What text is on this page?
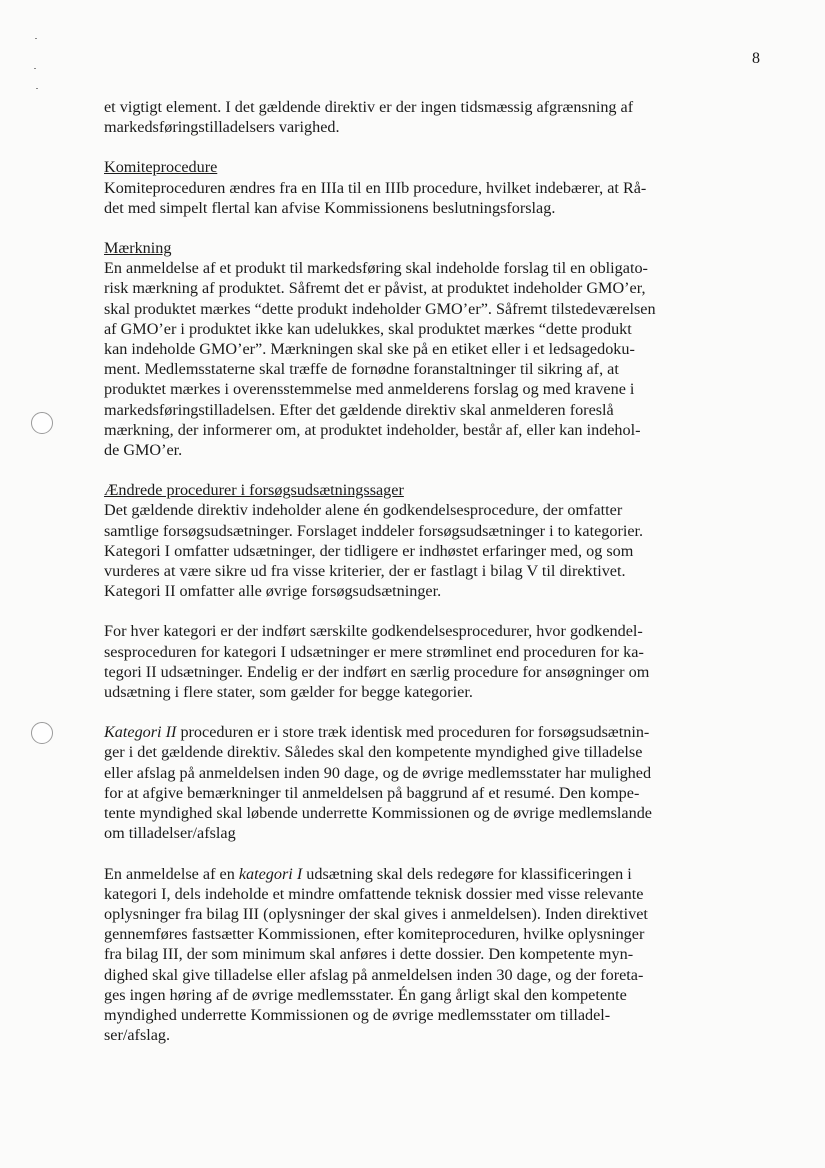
8

et vigtigt element. I det gældende direktiv er der ingen tidsmæssig afgrænsning af
markedsføringstilladelsers varighed.

Komiteprocedure
Komiteproceduren ændres fra en IIIa til en IIIb procedure, hvilket indebærer, at Rå-
det med simpelt flertal kan afvise Kommissionens beslutningsforslag.
Mærkning
En anmeldelse af et produkt til markedsføring skal indeholde forslag til en obligato-
risk mærkning af produktet. Såfremt det er påvist, at produktet indeholder GMO’er,
skal produktet mærkes “dette produkt indeholder GMO’er”. Såfremt tilstedeværelsen
af GMO’er i produktet ikke kan udelukkes, skal produktet mærkes “dette produkt
kan indeholde GMO’er”. Mærkningen skal ske på en etiket eller i et ledsagedoku-
ment. Medlemsstaterne skal træffe de fornødne foranstaltninger til sikring af, at
produktet mærkes i overensstemmelse med anmelderens forslag og med kravene i
markedsføringstilladelsen. Efter det gældende direktiv skal anmelderen foreslå
mærkning, der informerer om, at produktet indeholder, består af, eller kan indehol-
de GMO’er.
Ændrede procedurer i forsøgsudsætningssager
Det gældende direktiv indeholder alene én godkendelsesprocedure, der omfatter
samtlige forsøgsudsætninger. Forslaget inddeler forsøgsudsætninger i to kategorier.
Kategori I omfatter udsætninger, der tidligere er indhøstet erfaringer med, og som
vurderes at være sikre ud fra visse kriterier, der er fastlagt i bilag V til direktivet.
Kategori II omfatter alle øvrige forsøgsudsætninger.

For hver kategori er der indført særskilte godkendelsesprocedurer, hvor godkendel-
sesproceduren for kategori I udsætninger er mere strømlinet end proceduren for ka-
tegori II udsætninger. Endelig er der indført en særlig procedure for ansøgninger om
udsætning i flere stater, som gælder for begge kategorier.

Kategori II proceduren er i store træk identisk med proceduren for forsøgsudsætnin-
ger i det gældende direktiv. Således skal den kompetente myndighed give tilladelse
eller afslag på anmeldelsen inden 90 dage, og de øvrige medlemsstater har mulighed
for at afgive bemærkninger til anmeldelsen på baggrund af et resumé. Den kompe-
tente myndighed skal løbende underrette Kommissionen og de øvrige medlemslande
om tilladelser/afslag

En anmeldelse af en kategori I udsætning skal dels redegøre for klassificeringen i
kategori I, dels indeholde et mindre omfattende teknisk dossier med visse relevante
oplysninger fra bilag III (oplysninger der skal gives i anmeldelsen). Inden direktivet
gennemføres fastsætter Kommissionen, efter komiteproceduren, hvilke oplysninger
fra bilag III, der som minimum skal anføres i dette dossier. Den kompetente myn-
dighed skal give tilladelse eller afslag på anmeldelsen inden 30 dage, og der foreta-
ges ingen høring af de øvrige medlemsstater. Én gang årligt skal den kompetente
myndighed underrette Kommissionen og de øvrige medlemsstater om tilladel-
ser/afslag.
